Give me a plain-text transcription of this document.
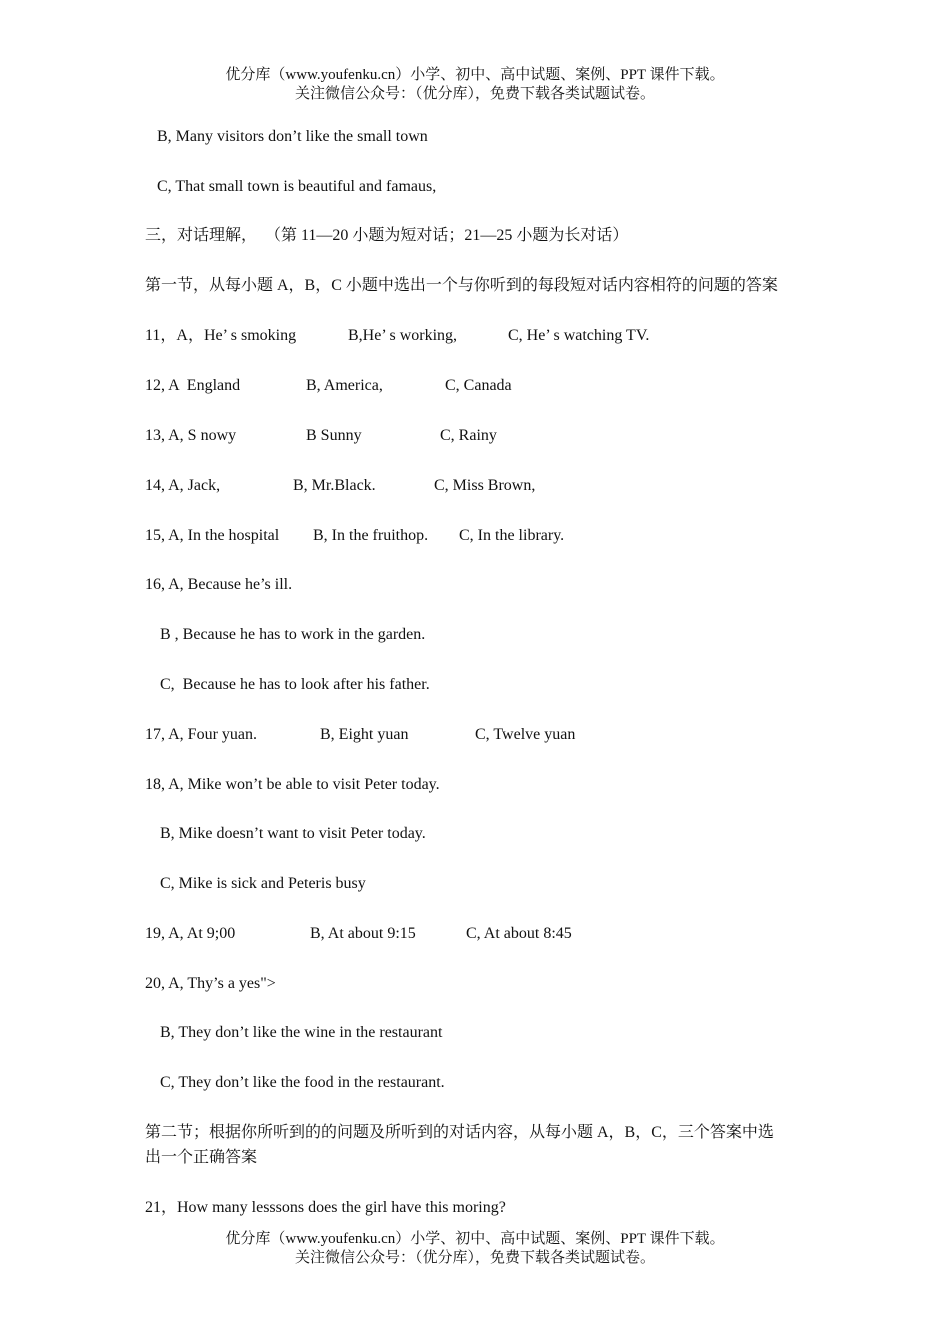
优分库（www.youfenku.cn）小学、初中、高中试题、案例、PPT 课件下载。
关注微信公众号：（优分库），免费下载各类试题试卷。
B, Many visitors don’t like the small town
C, That small town is beautiful and famaus,
三，对话理解，  （第 11—20 小题为短对话；21—25 小题为长对话）
第一节，从每小题 A，B，C 小题中选出一个与你听到的每段短对话内容相符的问题的答案
11，A，He’ s smoking	B,He’ s working,	C, He’ s watching TV.
12, A  England	B, America,	C, Canada
13, A, S nowy	B Sunny	C, Rainy
14, A, Jack,	B, Mr.Black.	C, Miss Brown,
15, A, In the hospital B, In the fruithop. C, In the library.
16, A, Because he’s ill.
B , Because he has to work in the garden.
C,  Because he has to look after his father.
17, A, Four yuan.	B, Eight yuan	C, Twelve yuan
18, A, Mike won’t be able to visit Peter today.
B, Mike doesn’t want to visit Peter today.
C, Mike is sick and Peteris busy
19, A, At 9;00	B, At about 9:15	C, At about 8:45
20, A, Thy’s a yes">
B, They don’t like the wine in the restaurant
C, They don’t like the food in the restaurant.
第二节；根据你所听到的的问题及所听到的对话内容，从每小题 A，B，C，三个答案中选
出一个正确答案
21，How many lesssons does the girl have this moring?
优分库（www.youfenku.cn）小学、初中、高中试题、案例、PPT 课件下载。
关注微信公众号：（优分库），免费下载各类试题试卷。
